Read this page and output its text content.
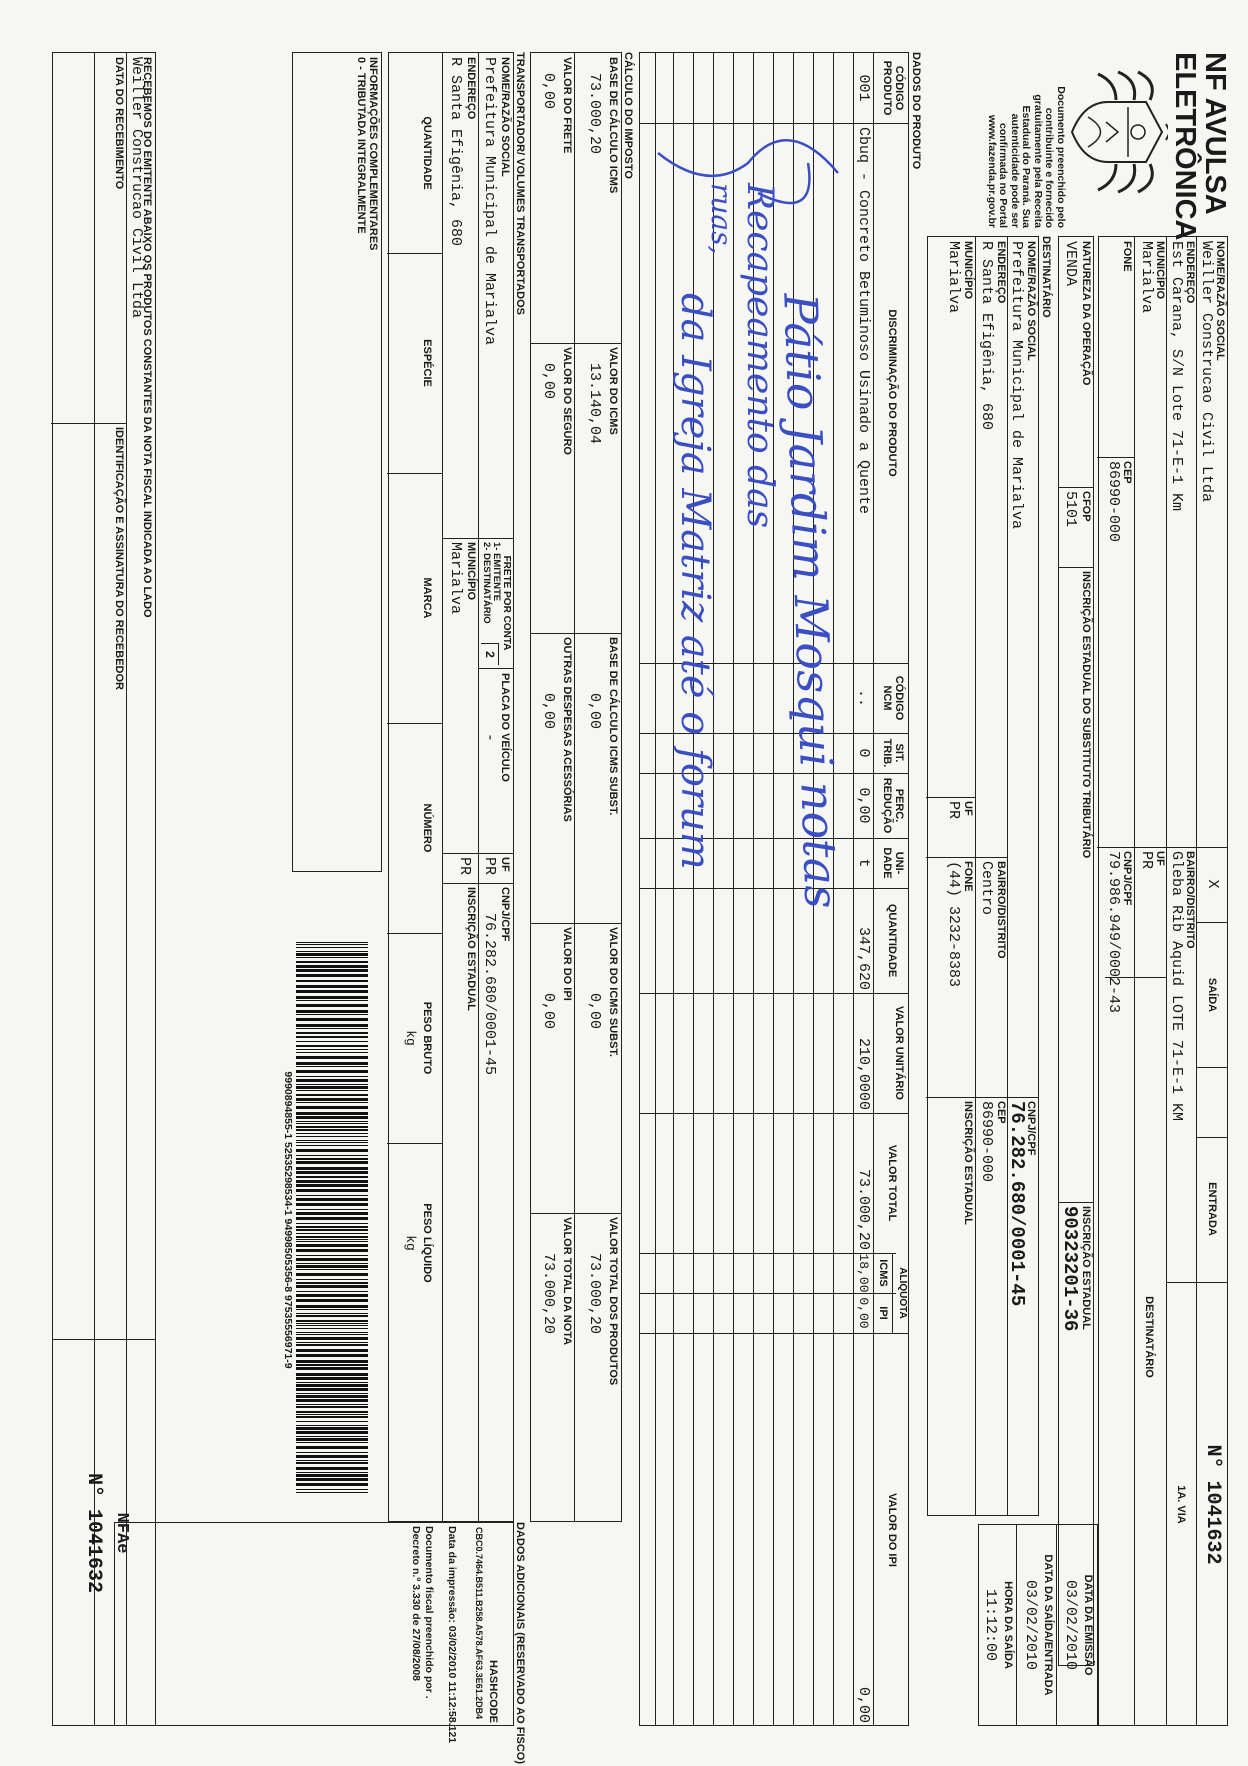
NF AVULSA
ELETRÔNICA
Documento preenchido pelo
contribuinte e fornecido
gratuitamente pela Receita
Estadual do Paraná. Sua
autenticidade pode ser
confirmada no Portal
www.fazenda.pr.gov.br
NOME/RAZÃO SOCIAL
Weiller Construcao Civil Ltda
X
SAÍDA
ENTRADA
N° 1041632
ENDEREÇO
Est Carana, S/N Lote 71-E-1 Km
BAIRRO/DISTRITO
Gleba Rib Aquid LOTE 71-E-1 KM
1A. VIA
MUNICÍPIO
Marialva
UF
PR
DESTINATÁRIO
FONE
CEP
86990-000
CNPJ/CPF
79.986.949/0002-43
NATUREZA DA OPERAÇÃO
VENDA
CFOP
5101
INSCRIÇÃO ESTADUAL DO SUBSTITUTO TRIBUTÁRIO
INSCRIÇÃO ESTADUAL
90323201-36
DATA DA EMISSÃO
03/02/2010
DATA DA SAÍDA/ENTRADA
03/02/2010
HORA DA SAÍDA
11:12:00
DESTINATÁRIO
NOME/RAZÃO SOCIAL
Prefeitura Municipal de Marialva
CNPJ/CPF
76.282.680/0001-45
ENDEREÇO
R Santa Efigênia, 680
BAIRRO/DISTRITO
Centro
CEP
86990-000
MUNICÍPIO
Marialva
UF
PR
FONE
(44) 3232-8383
INSCRIÇÃO ESTADUAL
DADOS DO PRODUTO
ALÍQUOTA
CÓDIGO PRODUTO
DISCRIMINAÇÃO DO PRODUTO
CÓDIGO NCM
SIT. TRIB.
PERC. REDUÇÃO
UNI-DADE
QUANTIDADE
VALOR UNITÁRIO
VALOR TOTAL
ICMS
IPI
VALOR DO IPI
001
Cbuq - Concreto Betuminoso Usinado a Quente
..
0
0,00
t
347,620
210,0000
73.000,20
18,00
0,00
0,00
Pátio Jardim Mosqui notas
Recapeamento das
ruas,
da Igreja Matriz até o forum
CÁLCULO DO IMPOSTO
BASE DE CÁLCULO ICMS
73.000,20
VALOR DO ICMS
13.140,04
BASE DE CÁLCULO ICMS SUBST.
0,00
VALOR DO ICMS SUBST.
0,00
VALOR TOTAL DOS PRODUTOS
73.000,20
VALOR DO FRETE
0,00
VALOR DO SEGURO
0,00
OUTRAS DESPESAS ACESSÓRIAS
0,00
VALOR DO IPI
0,00
VALOR TOTAL DA NOTA
73.000,20
TRANSPORTADOR/ VOLUMES TRANSPORTADOS
NOME/RAZÃO SOCIAL
Prefeitura Municipal de Marialva
FRETE POR CONTA
1- EMITENTE
2- DESTINATÁRIO
2
PLACA DO VEÍCULO
-
UF
PR
CNPJ/CPF
76.282.680/0001-45
ENDEREÇO
R Santa Efigênia, 680
MUNICÍPIO
Marialva
PR
INSCRIÇÃO ESTADUAL
QUANTIDADE
ESPÉCIE
MARCA
NÚMERO
PESO BRUTO
kg
PESO LÍQUIDO
kg
INFORMAÇÕES COMPLEMENTARES
0 - TRIBUTADA INTEGRALMENTE
9990894855-1 52535298534-1 94998505356-8 97535556971-9
DADOS ADICIONAIS (RESERVADO AO FISCO)
HASHCODE
CBC0.7464.B511.B258.A578.AF63.3E61.2DB4
Data da impressão: 03/02/2010 11:12:58.121
Documento fiscal preenchido por .
Decreto n.º 3.330 de 27/08/2008
RECEBEMOS DO EMITENTE ABAIXO OS PRODUTOS CONSTANTES DA NOTA FISCAL INDICADA AO LADO
Weiller Construcao Civil Ltda
DATA DO RECEBIMENTO
IDENTIFICAÇÃO E ASSINATURA DO RECEBEDOR
NFAe
N° 1041632
